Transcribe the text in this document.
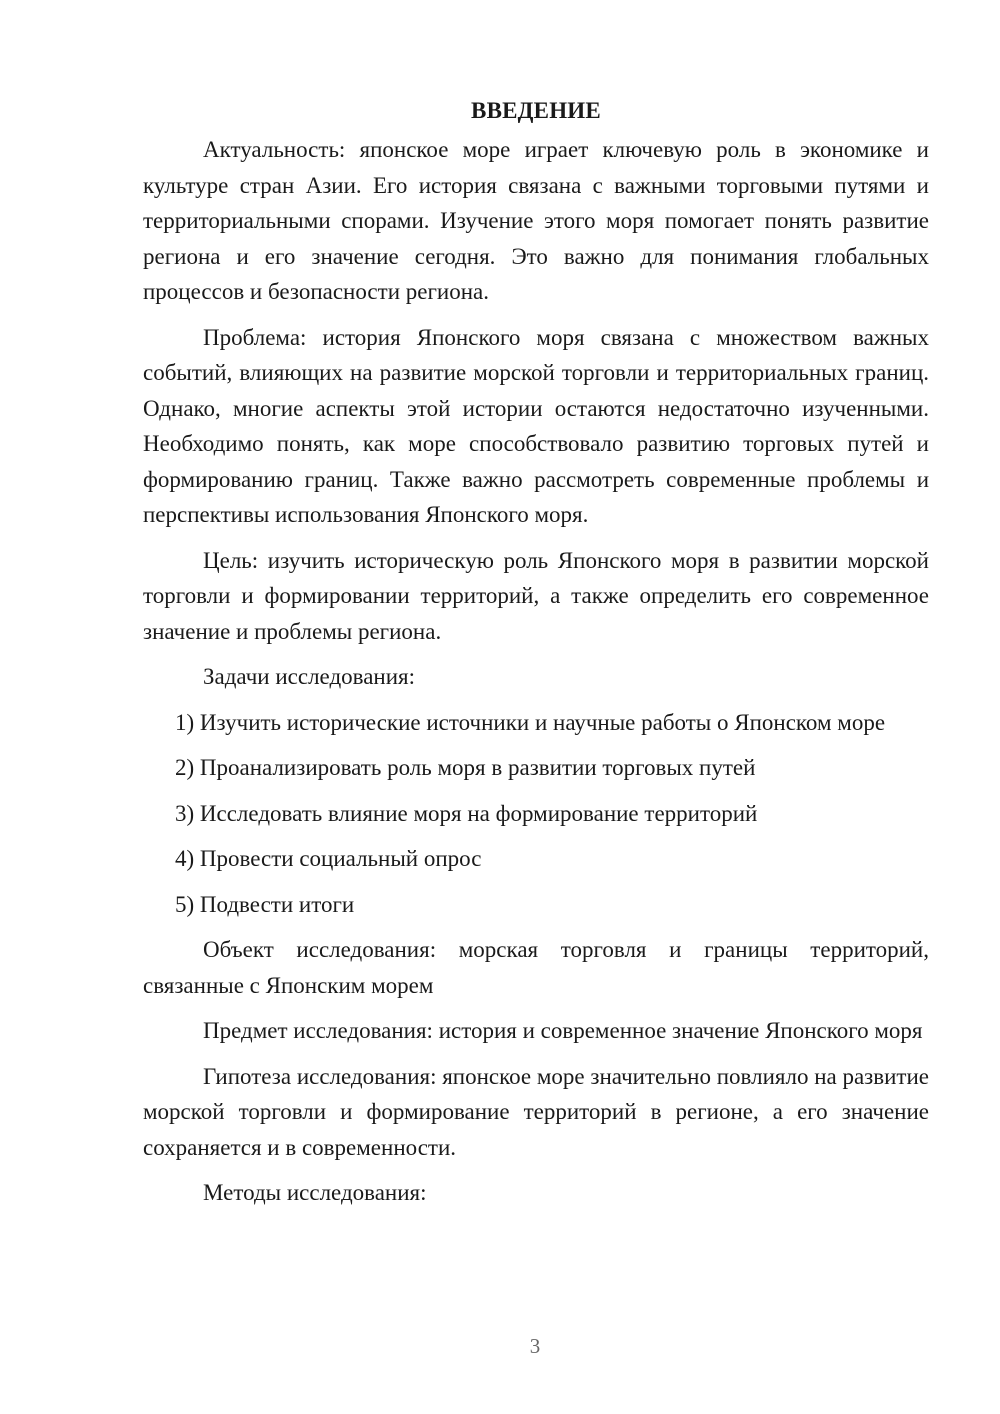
ВВЕДЕНИЕ

Актуальность: японское море играет ключевую роль в экономике и культуре стран Азии. Его история связана с важными торговыми путями и территориальными спорами. Изучение этого моря помогает понять развитие региона и его значение сегодня. Это важно для понимания глобальных процессов и безопасности региона.

Проблема: история Японского моря связана с множеством важных событий, влияющих на развитие морской торговли и территориальных границ. Однако, многие аспекты этой истории остаются недостаточно изученными. Необходимо понять, как море способствовало развитию торговых путей и формированию границ. Также важно рассмотреть современные проблемы и перспективы использования Японского моря.

Цель: изучить историческую роль Японского моря в развитии морской торговли и формировании территорий, а также определить его современное значение и проблемы региона.

Задачи исследования:

1) Изучить исторические источники и научные работы о Японском море

2) Проанализировать роль моря в развитии торговых путей

3) Исследовать влияние моря на формирование территорий

4) Провести социальный опрос

5) Подвести итоги

Объект исследования: морская торговля и границы территорий, связанные с Японским морем

Предмет исследования: история и современное значение Японского моря

Гипотеза исследования: японское море значительно повлияло на развитие морской торговли и формирование территорий в регионе, а его значение сохраняется и в современности.

Методы исследования:

3
